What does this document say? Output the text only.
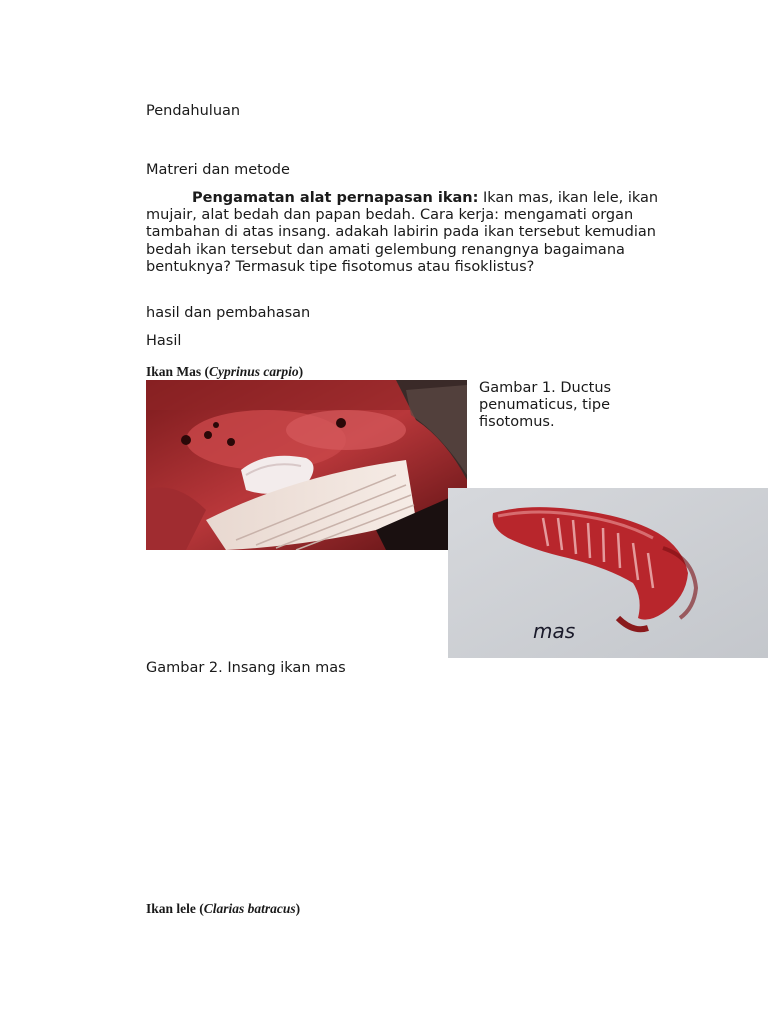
Pendahuluan
Matreri dan metode
Pengamatan alat pernapasan ikan: Ikan mas, ikan lele, ikan mujair, alat bedah dan papan bedah. Cara kerja: mengamati organ tambahan di atas insang. adakah labirin pada ikan tersebut kemudian bedah ikan tersebut dan amati gelembung renangnya bagaimana bentuknya? Termasuk tipe fisotomus atau fisoklistus?
hasil dan pembahasan
Hasil
Ikan Mas (Cyprinus carpio)
Gambar 1. Ductus penumaticus, tipe fisotomus.
mas
Gambar 2. Insang ikan mas
Ikan lele (Clarias batracus)
